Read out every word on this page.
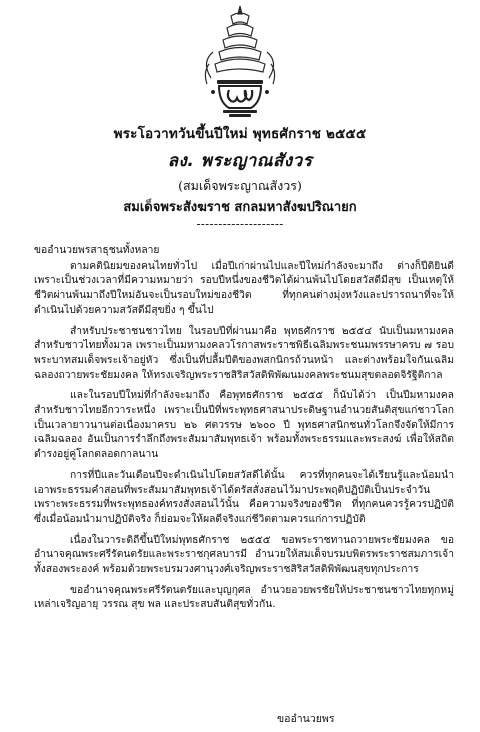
พระโอวาทวันขึ้นปีใหม่ พุทธศักราช ๒๕๕๕
ลง. พระญาณสังวร
(สมเด็จพระญาณสังวร)
สมเด็จพระสังฆราช สกลมหาสังฆปริณายก
--------------------

ขออำนวยพรสาธุชนทั้งหลาย

ตามคตินิยมของคนไทยทั่วไป เมื่อปีเก่าผ่านไปและปีใหม่กำลังจะมาถึง ต่างก็ปีติยินดี เพราะเป็นช่วงเวลาที่มีความหมายว่า รอบปีหนึ่งของชีวิตได้ผ่านพ้นไปโดยสวัสดีมีสุข เป็นเหตุให้ชีวิตผ่านพ้นมาถึงปีใหม่อันจะเป็นรอบใหม่ของชีวิต ที่ทุกคนต่างมุ่งหวังและปรารถนาที่จะให้ดำเนินไปด้วยความสวัสดีมีสุขยิ่ง ๆ ขึ้นไป

สำหรับประชาชนชาวไทย ในรอบปีที่ผ่านมาคือ พุทธศักราช ๒๕๕๔ นับเป็นมหามงคลสำหรับชาวไทยทั้งมวล เพราะเป็นมหามงคลวโรกาสพระราชพิธีเฉลิมพระชนมพรรษาครบ ๗ รอบ พระบาทสมเด็จพระเจ้าอยู่หัว ซึ่งเป็นที่ปลื้มปีติของพสกนิกรถ้วนหน้า และต่างพร้อมใจกันเฉลิมฉลองถวายพระชัยมงคล ให้ทรงเจริญพระราชสิริสวัสดิพิพัฒนมงคลพระชนมสุขตลอดจิรัฐิติกาล

และในรอบปีใหม่ที่กำลังจะมาถึง คือพุทธศักราช ๒๕๕๕ ก็นับได้ว่า เป็นปีมหามงคลสำหรับชาวไทยอีกวาระหนึ่ง เพราะเป็นปีที่พระพุทธศาสนาประดิษฐานอำนวยสันติสุขแก่ชาวโลกเป็นเวลายาวนานต่อเนื่องมาครบ ๒๖ ศตวรรษ ๒๖๐๐ ปี พุทธศาสนิกชนทั่วโลกจึงจัดให้มีการเฉลิมฉลอง อันเป็นการรำลึกถึงพระสัมมาสัมพุทธเจ้า พร้อมทั้งพระธรรมและพระสงฆ์ เพื่อให้สถิตดำรงอยู่คู่โลกตลอดกาลนาน

การที่ปีและวันเดือนปีจะดำเนินไปโดยสวัสดีได้นั้น ควรที่ทุกคนจะได้เรียนรู้และน้อมนำเอาพระธรรมคำสอนที่พระสัมมาสัมพุทธเจ้าได้ตรัสสั่งสอนไว้มาประพฤติปฏิบัติเป็นประจำวัน เพราะพระธรรมที่พระพุทธองค์ทรงสั่งสอนไว้นั้น คือความจริงของชีวิต ที่ทุกคนควรรู้ควรปฏิบัติ ซึ่งเมื่อน้อมนำมาปฏิบัติจริง ก็ย่อมจะให้ผลดีจริงแก่ชีวิตตามควรแก่การปฏิบัติ

เนื่องในวาระดิถีขึ้นปีใหม่พุทธศักราช ๒๕๕๕ ขอพระราชทานถวายพระชัยมงคล ขออำนาจคุณพระศรีรัตนตรัยและพระราชกุศลบารมี อำนวยให้สมเด็จบรมบพิตรพระราชสมภารเจ้า ทั้งสองพระองค์ พร้อมด้วยพระบรมวงศานุวงศ์เจริญพระราชสิริสวัสดิพิพัฒนสุขทุกประการ

ขออำนาจคุณพระศรีรัตนตรัยและบุญกุศล อำนวยอวยพรชัยให้ประชาชนชาวไทยทุกหมู่เหล่าเจริญอายุ วรรณ สุข พล และประสบสันติสุขทั่วกัน.

ขออำนวยพร
